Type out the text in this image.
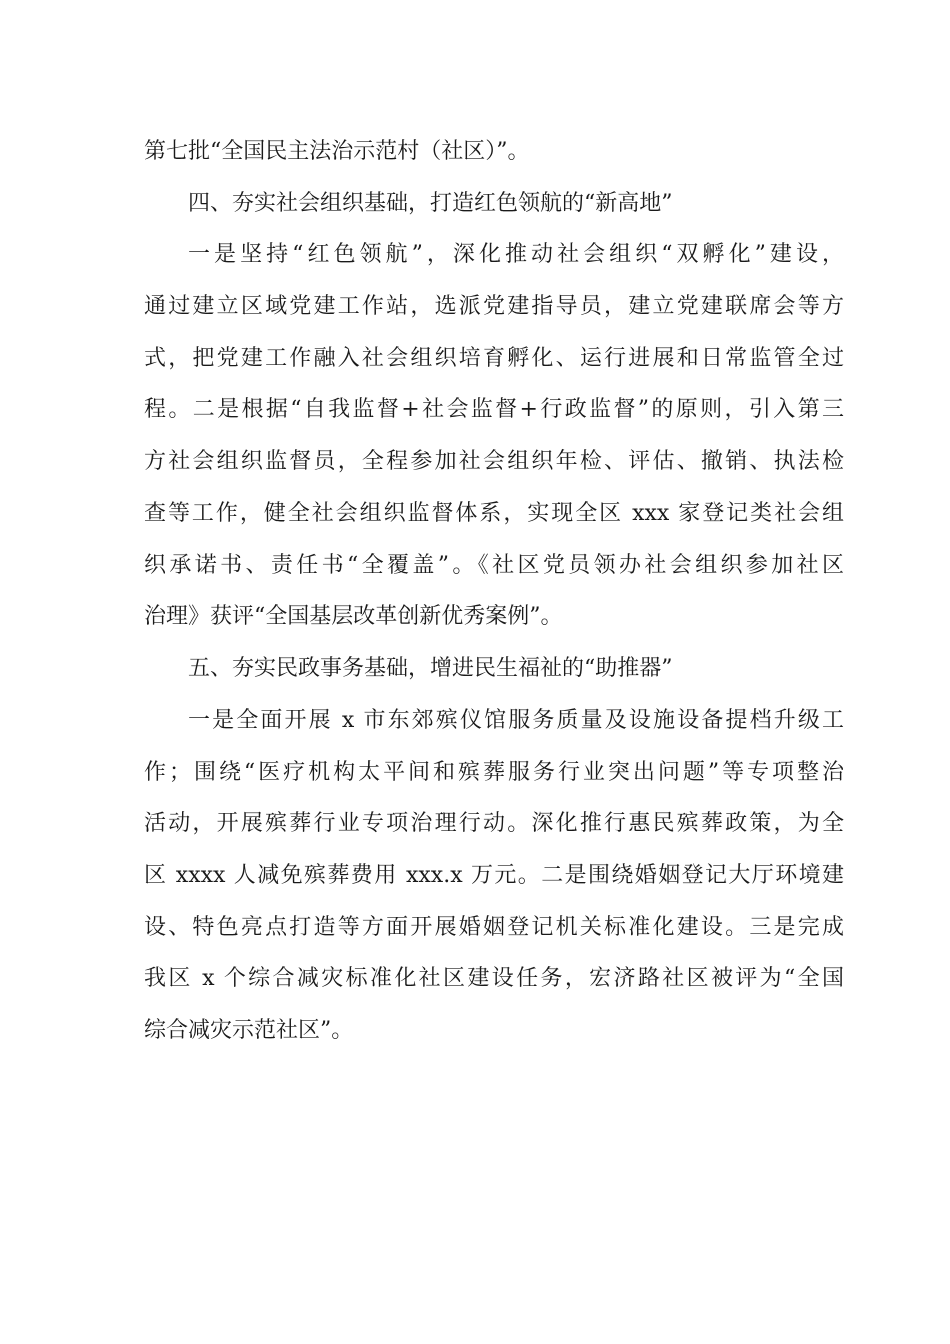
第七批“全国民主法治示范村（社区）”。
四、夯实社会组织基础，打造红色领航的“新高地”
一是坚持“红色领航”，深化推动社会组织“双孵化”建设，
通过建立区域党建工作站，选派党建指导员，建立党建联席会等方
式，把党建工作融入社会组织培育孵化、运行进展和日常监管全过
程。二是根据“自我监督+社会监督+行政监督”的原则，引入第三
方社会组织监督员，全程参加社会组织年检、评估、撤销、执法检
查等工作，健全社会组织监督体系，实现全区 xxx 家登记类社会组
织承诺书、责任书“全覆盖”。《社区党员领办社会组织参加社区
治理》获评“全国基层改革创新优秀案例”。
五、夯实民政事务基础，增进民生福祉的“助推器”
一是全面开展 x 市东郊殡仪馆服务质量及设施设备提档升级工
作；围绕“医疗机构太平间和殡葬服务行业突出问题”等专项整治
活动，开展殡葬行业专项治理行动。深化推行惠民殡葬政策，为全
区 xxxx 人减免殡葬费用 xxx.x 万元。二是围绕婚姻登记大厅环境建
设、特色亮点打造等方面开展婚姻登记机关标准化建设。三是完成
我区 x 个综合减灾标准化社区建设任务，宏济路社区被评为“全国
综合减灾示范社区”。
